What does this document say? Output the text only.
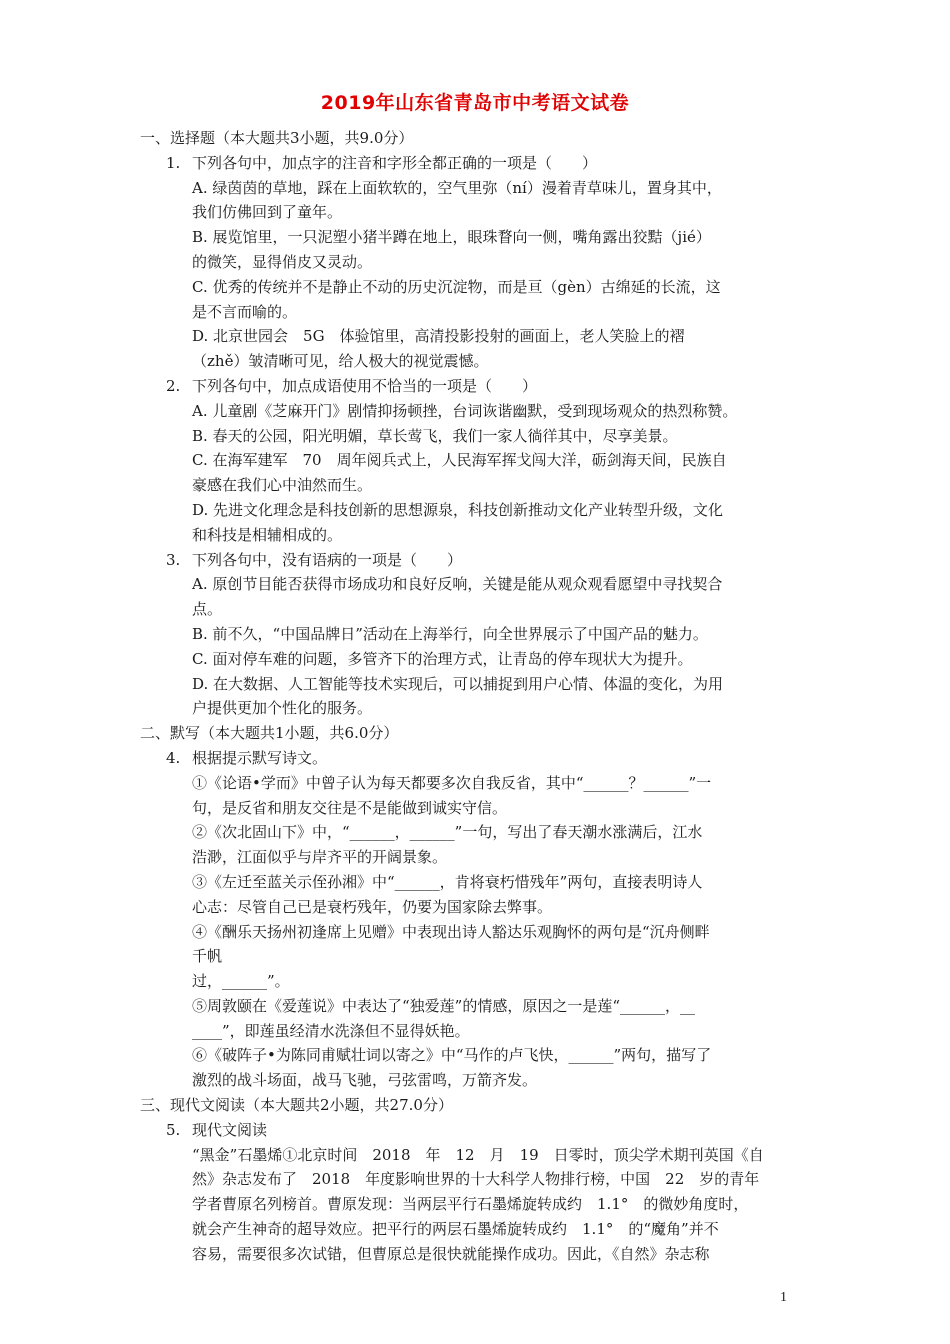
2019年山东省青岛市中考语文试卷
一、选择题（本大题共3小题，共9.0分）
1. 下列各句中，加点字的注音和字形全都正确的一项是（　　）
A. 绿茵茵的草地，踩在上面软软的，空气里弥（ní）漫着青草味儿，置身其中，
我们仿佛回到了童年。
B. 展览馆里，一只泥塑小猪半蹲在地上，眼珠瞀向一侧，嘴角露出狡黠（jié）
的微笑，显得俏皮又灵动。
C. 优秀的传统并不是静止不动的历史沉淀物，而是亘（gèn）古绵延的长流，这
是不言而喻的。
D. 北京世园会　5G　体验馆里，高清投影投射的画面上，老人笑脸上的褶
（zhě）皱清晰可见，给人极大的视觉震憾。
2. 下列各句中，加点成语使用不恰当的一项是（　　）
A. 儿童剧《芝麻开门》剧情抑扬顿挫，台词诙谐幽默，受到现场观众的热烈称赞。
B. 春天的公园，阳光明媚，草长莺飞，我们一家人徜徉其中，尽享美景。
C. 在海军建军　70　周年阅兵式上，人民海军挥戈闯大洋，砺剑海天间，民族自
豪感在我们心中油然而生。
D. 先进文化理念是科技创新的思想源泉，科技创新推动文化产业转型升级，文化
和科技是相辅相成的。
3. 下列各句中，没有语病的一项是（　　）
A. 原创节目能否获得市场成功和良好反响，关键是能从观众观看愿望中寻找契合
点。
B. 前不久，“中国品牌日”活动在上海举行，向全世界展示了中国产品的魅力。
C. 面对停车难的问题，多管齐下的治理方式，让青岛的停车现状大为提升。
D. 在大数据、人工智能等技术实现后，可以捕捉到用户心情、体温的变化，为用
户提供更加个性化的服务。
二、默写（本大题共1小题，共6.0分）
4. 根据提示默写诗文。
①《论语•学而》中曾子认为每天都要多次自我反省，其中“______？______”一
句，是反省和朋友交往是不是能做到诚实守信。
②《次北固山下》中，“______，______”一句，写出了春天潮水涨满后，江水
浩渺，江面似乎与岸齐平的开阔景象。
③《左迁至蓝关示侄孙湘》中“______，肯将衰朽惜残年”两句，直接表明诗人
心志：尽管自己已是衰朽残年，仍要为国家除去弊事。
④《酬乐天扬州初逢席上见赠》中表现出诗人豁达乐观胸怀的两句是“沉舟侧畔
千帆
过，______”。
⑤周敦颐在《爱莲说》中表达了“独爱莲”的情感，原因之一是莲“______，__
____”，即莲虽经清水洗涤但不显得妖艳。
⑥《破阵子•为陈同甫赋壮词以寄之》中“马作的卢飞快，______”两句，描写了
激烈的战斗场面，战马飞驰，弓弦雷鸣，万箭齐发。
三、现代文阅读（本大题共2小题，共27.0分）
5. 现代文阅读
“黑金”石墨烯①北京时间　2018　年　12　月　19　日零时，顶尖学术期刊英国《自
然》杂志发布了　2018　年度影响世界的十大科学人物排行榜，中国　22　岁的青年
学者曹原名列榜首。曹原发现：当两层平行石墨烯旋转成约　1.1°　的微妙角度时，
就会产生神奇的超导效应。把平行的两层石墨烯旋转成约　1.1°　的“魔角”并不
容易，需要很多次试错，但曹原总是很快就能操作成功。因此，《自然》杂志称
1
